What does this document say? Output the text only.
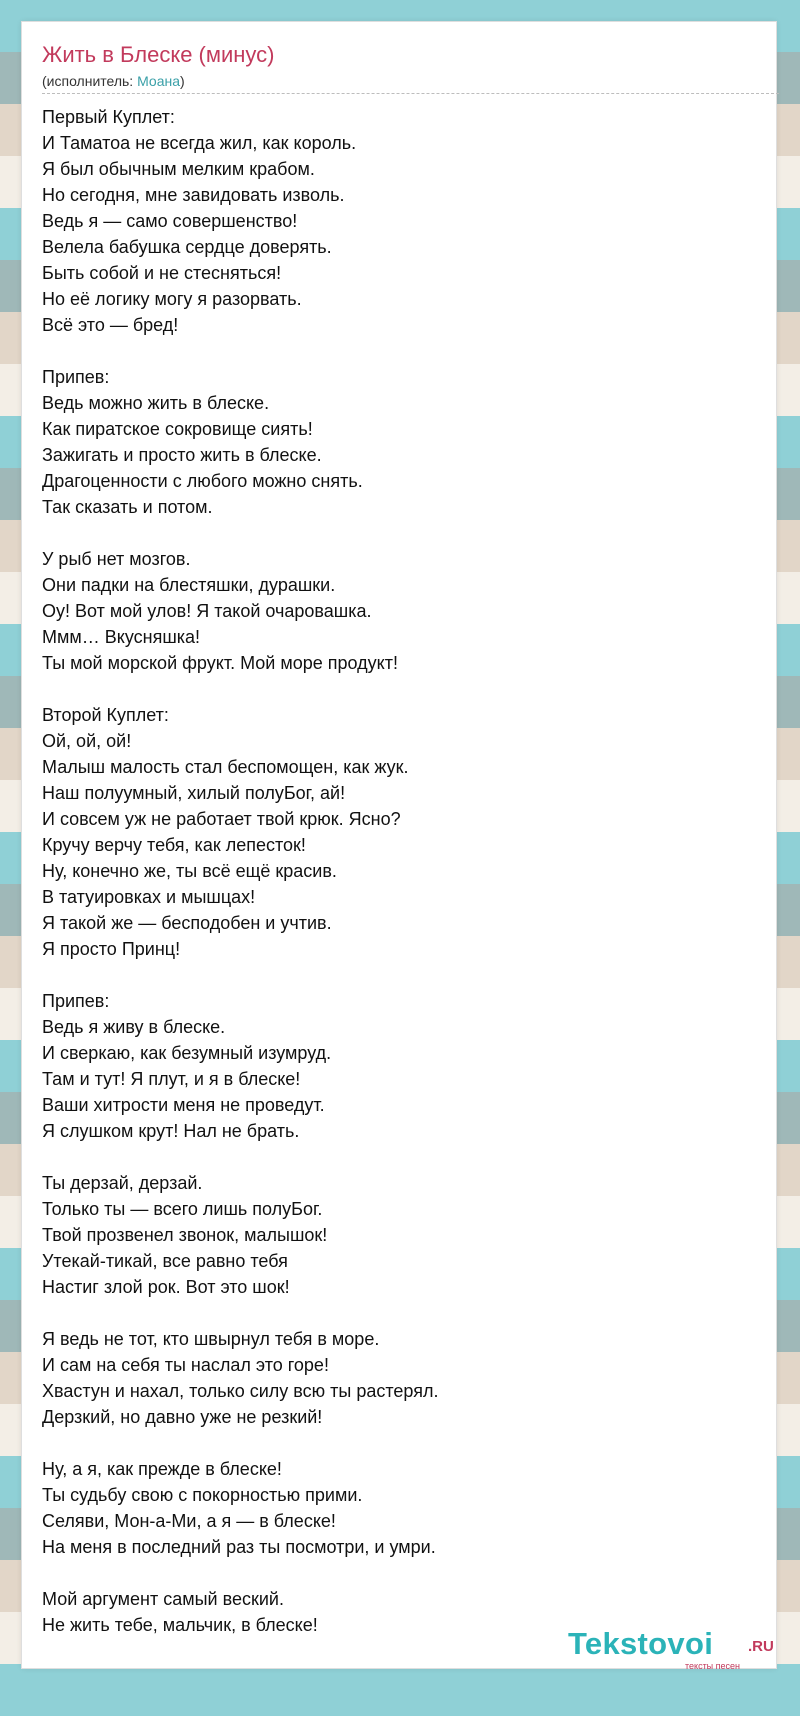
Жить в Блеске (минус)
(исполнитель: Моана)
Первый Куплет:
И Таматоа не всегда жил, как король.
Я был обычным мелким крабом.
Но сегодня, мне завидовать изволь.
Ведь я — само совершенство!
Велела бабушка сердце доверять.
Быть собой и не стесняться!
Но её логику могу я разорвать.
Всё это — бред!
Припев:
Ведь можно жить в блеске.
Как пиратское сокровище сиять!
Зажигать и просто жить в блеске.
Драгоценности с любого можно снять.
Так сказать и потом.
У рыб нет мозгов.
Они падки на блестяшки, дурашки.
Оу! Вот мой улов! Я такой очаровашка.
Ммм… Вкусняшка!
Ты мой морской фрукт. Мой море продукт!
Второй Куплет:
Ой, ой, ой!
Малыш малость стал беспомощен, как жук.
Наш полуумный, хилый полуБог, ай!
И совсем уж не работает твой крюк. Ясно?
Кручу верчу тебя, как лепесток!
Ну, конечно же, ты всё ещё красив.
В татуировках и мышцах!
Я такой же — бесподобен и учтив.
Я просто Принц!
Припев:
Ведь я живу в блеске.
И сверкаю, как безумный изумруд.
Там и тут! Я плут, и я в блеске!
Ваши хитрости меня не проведут.
Я слушком крут! Нал не брать.
Ты дерзай, дерзай.
Только ты — всего лишь полуБог.
Твой прозвенел звонок, малышок!
Утекай-тикай, все равно тебя
Настиг злой рок. Вот это шок!
Я ведь не тот, кто швырнул тебя в море.
И сам на себя ты наслал это горе!
Хвастун и нахал, только силу всю ты растерял.
Дерзкий, но давно уже не резкий!
Ну, а я, как прежде в блеске!
Ты судьбу свою с покорностью прими.
Селяви, Мон-а-Ми, а я — в блеске!
На меня в последний раз ты посмотри, и умри.
Мой аргумент самый веский.
Не жить тебе, мальчик, в блеске!
Tekstovoi .RU
тексты песен
